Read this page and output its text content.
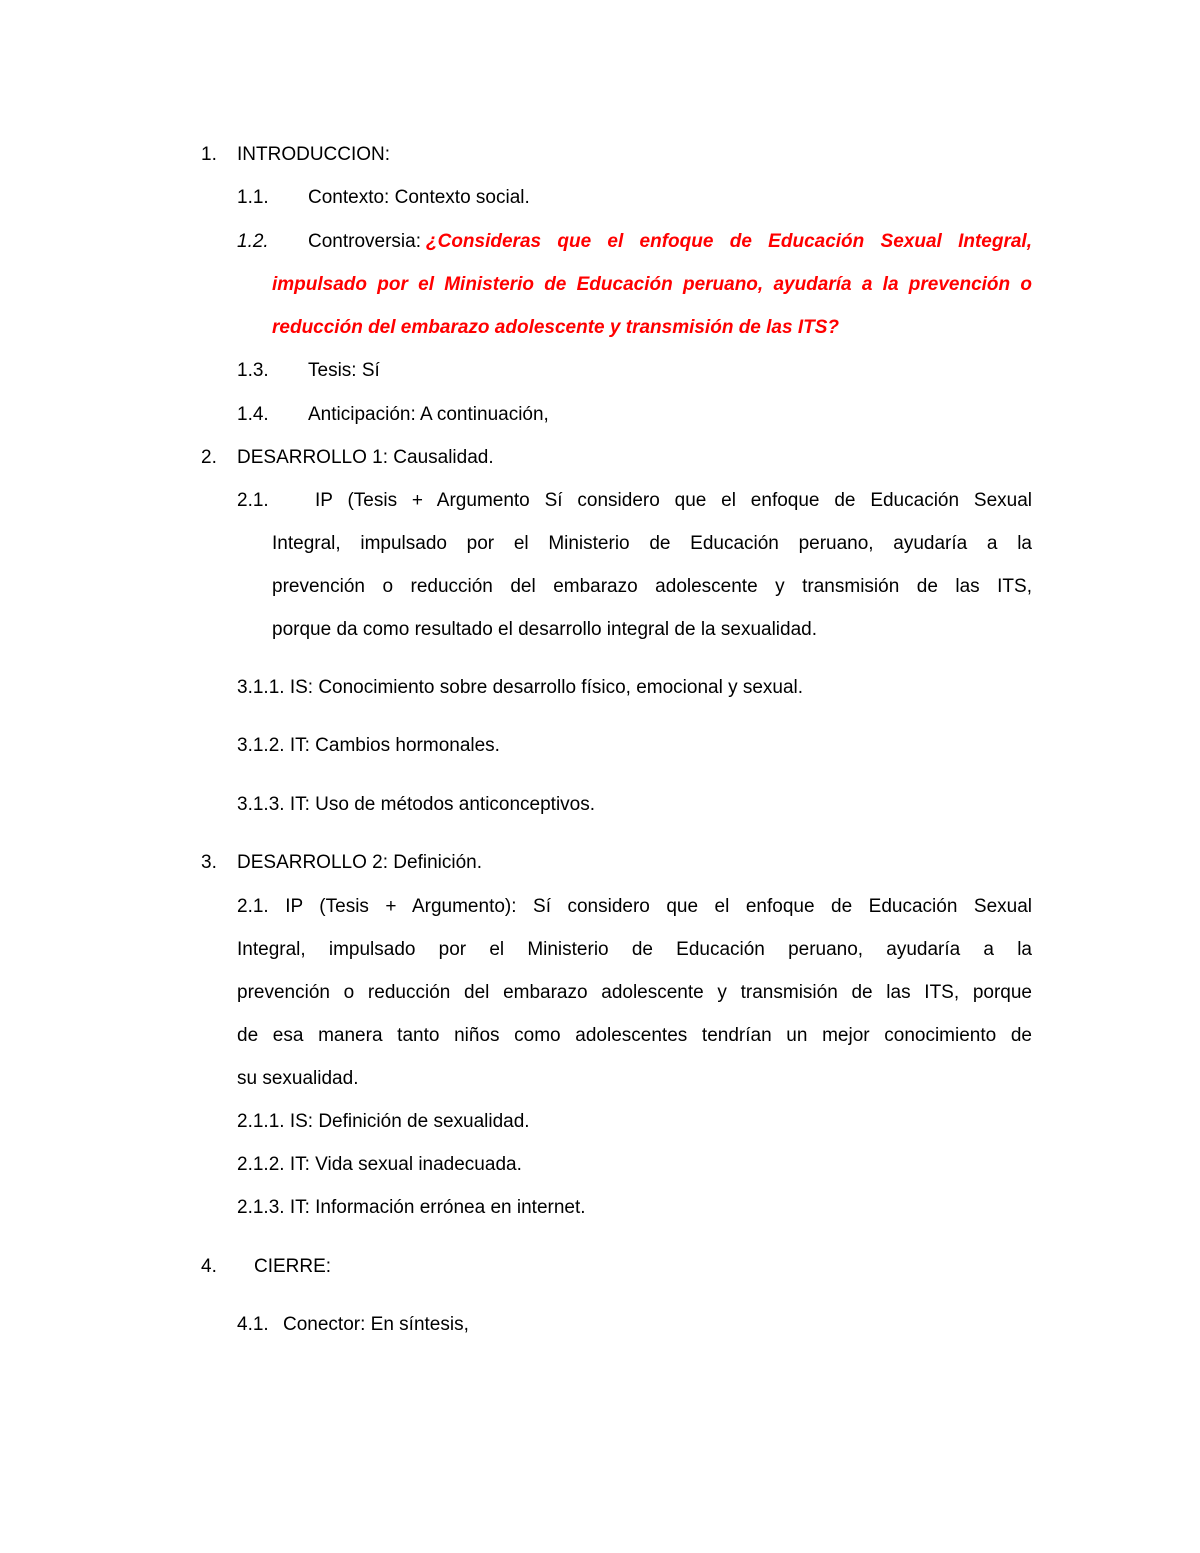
1. INTRODUCCION:
1.1. Contexto: Contexto social.
1.2. Controversia: ¿Consideras que el enfoque de Educación Sexual Integral,
impulsado por el Ministerio de Educación peruano, ayudaría a la prevención o
reducción del embarazo adolescente y transmisión de las ITS?
1.3. Tesis: Sí
1.4. Anticipación: A continuación,
2. DESARROLLO 1: Causalidad.
2.1. IP (Tesis + Argumento Sí considero que el enfoque de Educación Sexual
Integral, impulsado por el Ministerio de Educación peruano, ayudaría a la
prevención o reducción del embarazo adolescente y transmisión de las ITS,
porque da como resultado el desarrollo integral de la sexualidad.
3.1.1. IS: Conocimiento sobre desarrollo físico, emocional y sexual.
3.1.2. IT: Cambios hormonales.
3.1.3. IT: Uso de métodos anticonceptivos.
3. DESARROLLO 2: Definición.
2.1. IP (Tesis + Argumento): Sí considero que el enfoque de Educación Sexual
Integral, impulsado por el Ministerio de Educación peruano, ayudaría a la
prevención o reducción del embarazo adolescente y transmisión de las ITS, porque
de esa manera tanto niños como adolescentes tendrían un mejor conocimiento de
su sexualidad.
2.1.1. IS: Definición de sexualidad.
2.1.2. IT: Vida sexual inadecuada.
2.1.3. IT: Información errónea en internet.
4. CIERRE:
4.1. Conector: En síntesis,
